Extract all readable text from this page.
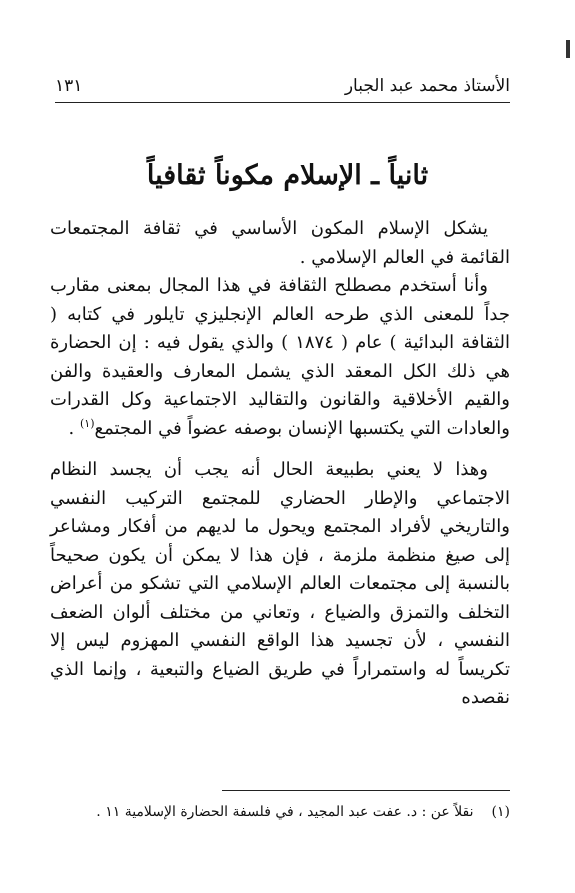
الأستاذ محمد عبد الجبار
١٣١
ثانياً ـ الإسلام مكوناً ثقافياً

يشكل الإسلام المكون الأساسي في ثقافة المجتمعات القائمة في العالم الإسلامي .

وأنا أستخدم مصطلح الثقافة في هذا المجال بمعنى مقارب جداً للمعنى الذي طرحه العالم الإنجليزي تايلور في كتابه ( الثقافة البدائية ) عام ( ١٨٧٤ ) والذي يقول فيه : إن الحضارة هي ذلك الكل المعقد الذي يشمل المعارف والعقيدة والفن والقيم الأخلاقية والقانون والتقاليد الاجتماعية وكل القدرات والعادات التي يكتسبها الإنسان بوصفه عضواً في المجتمع$^{(١)}$ .

وهذا لا يعني بطبيعة الحال أنه يجب أن يجسد النظام الاجتماعي والإطار الحضاري للمجتمع التركيب النفسي والتاريخي لأفراد المجتمع ويحول ما لديهم من أفكار ومشاعر إلى صيغ منظمة ملزمة ، فإن هذا لا يمكن أن يكون صحيحاً بالنسبة إلى مجتمعات العالم الإسلامي التي تشكو من أعراض التخلف والتمزق والضياع ، وتعاني من مختلف ألوان الضعف النفسي ، لأن تجسيد هذا الواقع النفسي المهزوم ليس إلا تكريساً له واستمراراً في طريق الضياع والتبعية ، وإنما الذي نقصده

(١)
نقلاً عن : د. عفت عبد المجيد ، في فلسفة الحضارة الإسلامية ١١ .
